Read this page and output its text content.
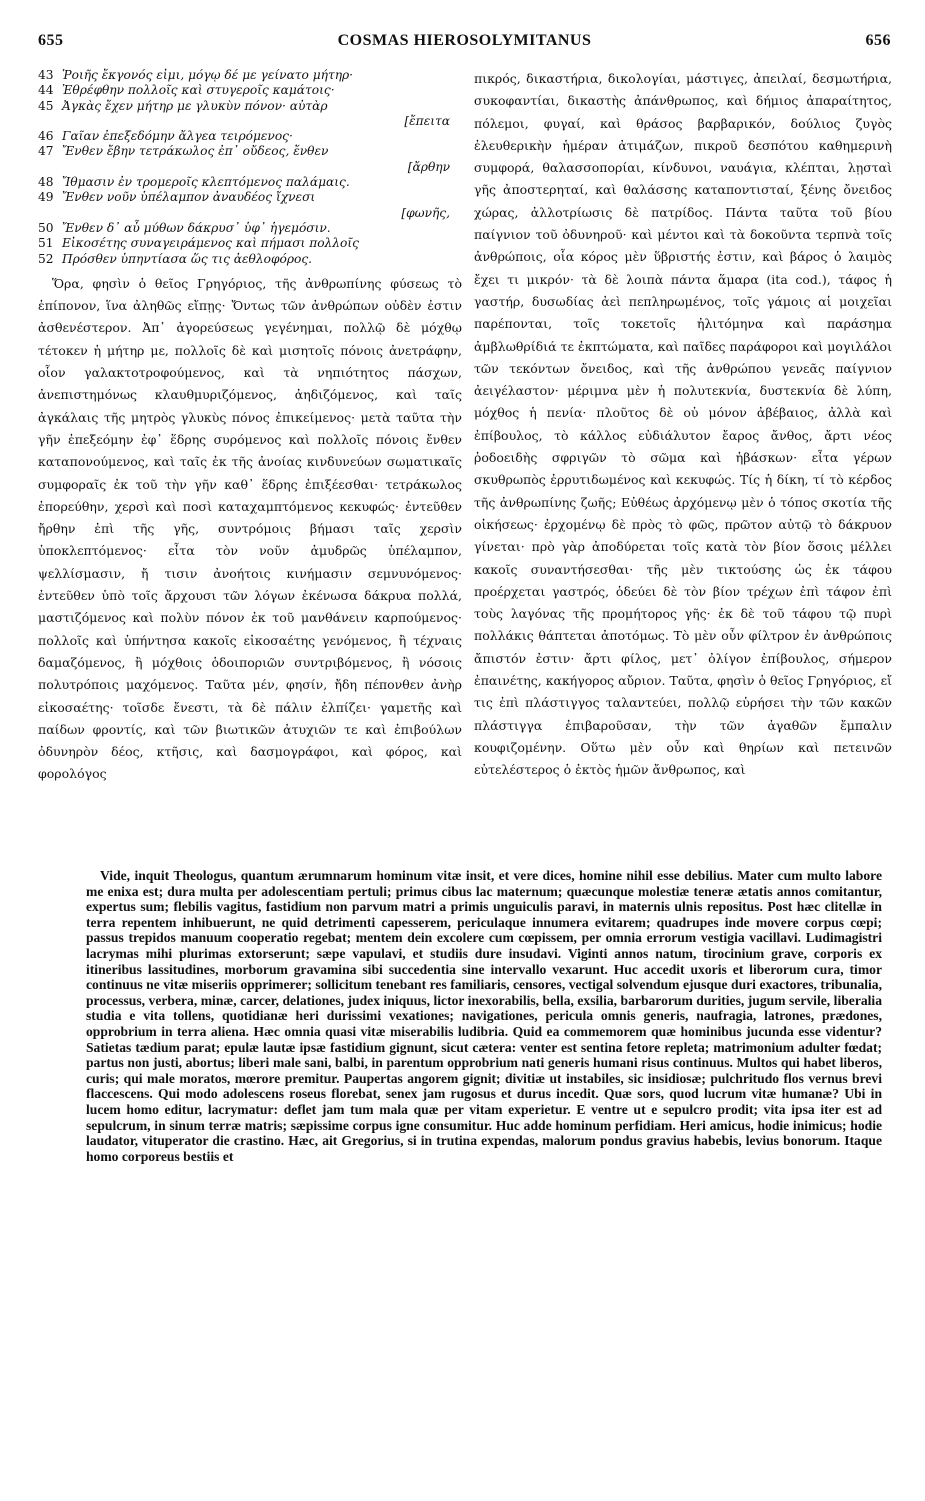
655	COSMAS HIEROSOLYMITANUS	656
43 Ῥοιῆς ἔκγονός εἰμι, μόγῳ δέ με γείνατο μήτηρ·
44 Ἐθρέφθην πολλοῖς καὶ στυγεροῖς καμάτοις·
45 Ἀγκὰς ἔχεν μήτηρ με γλυκὺν πόνον· αὐτὰρ
[ἔπειτα
46 Γαῖαν ἐπεξεδόμην ἄλγεα τειρόμενος·
47 Ἔνθεν ἔβην τετράκωλος ἐπ᾽ οὔδεος, ἔνθεν
[ἄρθην
48 Ἴθμασιν ἐν τρομεροῖς κλεπτόμενος παλάμαις.
49 Ἔνθεν νοῦν ὑπέλαμπον ἀναυδέος ἴχνεσι
[φωνῆς,
50 Ἔνθεν δ᾽ αὖ μύθων δάκρυσ᾽ ὑφ᾽ ἡγεμόσιν.
51 Εἰκοσέτης συναγειράμενος καὶ πήμασι πολλοῖς
52 Πρόσθεν ὑπηντίασα ὥς τις ἀεθλοφόρος.

Ὅρα, φησὶν ὁ θεῖος Γρηγόριος, τῆς ἀνθρωπίνης φύσεως τὸ ἐπίπονον, ἵνα ἀληθῶς εἴπῃς· Ὄντως τῶν ἀνθρώπων οὐδὲν ἐστιν ἀσθενέστερον. Ἀπ᾽ ἀγορεύσεως γεγένημαι, πολλῷ δὲ μόχθῳ τέτοκεν ἡ μήτηρ με, πολλοῖς δὲ καὶ μισητοῖς πόνοις ἀνετράφην, οἷον γαλακτοτροφούμενος, καὶ τὰ νηπιότητος πάσχων, ἀνεπιστημόνως κλαυθμυριζόμενος, ἀηδιζόμενος, καὶ ταῖς ἀγκάλαις τῆς μητρὸς γλυκὺς πόνος ἐπικείμενος· μετὰ ταῦτα τὴν γῆν ἐπεξεόμην ἐφ᾽ ἕδρης συρόμενος καὶ πολλοῖς πόνοις ἔνθεν καταπονούμενος, καὶ ταῖς ἐκ τῆς ἀνοίας κινδυνεύων σωματικαῖς συμφοραῖς ἐκ τοῦ τὴν γῆν καθ᾽ ἕδρης ἐπιξέεσθαι· τετράκωλος ἐπορεύθην, χερσὶ καὶ ποσὶ καταχαμπτόμενος κεκυφώς· ἐντεῦθεν ἤρθην ἐπὶ τῆς γῆς, συντρόμοις βήμασι ταῖς χερσὶν ὑποκλεπτόμενος· εἶτα τὸν νοῦν ἀμυδρῶς ὑπέλαμπον, ψελλίσμασιν, ἤ τισιν ἀνοήτοις κινήμασιν σεμνυνόμενος· ἐντεῦθεν ὑπὸ τοῖς ἄρχουσι τῶν λόγων ἐκένωσα δάκρυα πολλά, μαστιζόμενος καὶ πολὺν πόνον ἐκ τοῦ μανθάνειν καρπούμενος· πολλοῖς καὶ ὑπήντησα κακοῖς εἰκοσαέτης γενόμενος, ἢ τέχναις δαμαζόμενος, ἢ μόχθοις ὁδοιποριῶν συντριβόμενος, ἢ νόσοις πολυτρόποις μαχόμενος. Ταῦτα μέν, φησίν, ἤδη πέπονθεν ἀνὴρ εἰκοσαέτης· τοῖσδε ἔνεστι, τὰ δὲ πάλιν ἐλπίζει· γαμετῆς καὶ παίδων φροντίς, καὶ τῶν βιωτικῶν ἀτυχιῶν τε καὶ ἐπιβούλων ὀδυνηρὸν δέος, κτῆσις, καὶ δασμογράφοι, καὶ φόρος, καὶ φορολόγος

πικρός, δικαστήρια, δικολογίαι, μάστιγες, ἀπειλαί, δεσμωτήρια, συκοφαντίαι, δικαστὴς ἀπάνθρωπος, καὶ δήμιος ἀπαραίτητος, πόλεμοι, φυγαί, καὶ θράσος βαρβαρικόν, δούλιος ζυγὸς ἐλευθερικὴν ἡμέραν ἀτιμάζων, πικροῦ δεσπότου καθημερινὴ συμφορά, θαλασσοπορίαι, κίνδυνοι, ναυάγια, κλέπται, λῃσταὶ γῆς ἀποστερηταί, καὶ θαλάσσης καταποντισταί, ξένης ὄνειδος χώρας, ἀλλοτρίωσις δὲ πατρίδος. Πάντα ταῦτα τοῦ βίου παίγνιον τοῦ ὀδυνηροῦ· καὶ μέντοι καὶ τὰ δοκοῦντα τερπνὰ τοῖς ἀνθρώποις, οἷα κόρος μὲν ὕβριστής ἐστιν, καὶ βάρος ὁ λαιμὸς ἔχει τι μικρόν· τὰ δὲ λοιπὰ πάντα ἅμαρα (ita cod.), τάφος ἡ γαστήρ, δυσωδίας ἀεὶ πεπληρωμένος, τοῖς γάμοις αἱ μοιχεῖαι παρέπονται, τοῖς τοκετοῖς ἠλιτόμηνα καὶ παράσημα ἀμβλωθρίδιά τε ἐκπτώματα, καὶ παῖδες παράφοροι καὶ μογιλάλοι τῶν τεκόντων ὄνειδος, καὶ τῆς ἀνθρώπου γενεᾶς παίγνιον ἀειγέλαστον· μέριμνα μὲν ἡ πολυτεκνία, δυστεκνία δὲ λύπη, μόχθος ἡ πενία· πλοῦτος δὲ οὐ μόνον ἀβέβαιος, ἀλλὰ καὶ ἐπίβουλος, τὸ κάλλος εὐδιάλυτον ἔαρος ἄνθος, ἄρτι νέος ῥοδοειδὴς σφριγῶν τὸ σῶμα καὶ ἡβάσκων· εἶτα γέρων σκυθρωπὸς ἐρρυτιδωμένος καὶ κεκυφώς. Τίς ἡ δίκη, τί τὸ κέρδος τῆς ἀνθρωπίνης ζωῆς; Εὐθέως ἀρχόμενῳ μὲν ὁ τόπος σκοτία τῆς οἰκήσεως· ἐρχομένῳ δὲ πρὸς τὸ φῶς, πρῶτον αὐτῷ τὸ δάκρυον γίνεται· πρὸ γὰρ ἀποδύρεται τοῖς κατὰ τὸν βίον ὅσοις μέλλει κακοῖς συναντήσεσθαι· τῆς μὲν τικτούσης ὡς ἐκ τάφου προέρχεται γαστρός, ὁδεύει δὲ τὸν βίον τρέχων ἐπὶ τάφον ἐπὶ τοὺς λαγόνας τῆς προμήτορος γῆς· ἐκ δὲ τοῦ τάφου τῷ πυρὶ πολλάκις θάπτεται ἀποτόμως. Τὸ μὲν οὖν φίλτρον ἐν ἀνθρώποις ἄπιστόν ἐστιν· ἄρτι φίλος, μετ᾽ ὀλίγον ἐπίβουλος, σήμερον ἐπαινέτης, κακήγορος αὔριον. Ταῦτα, φησὶν ὁ θεῖος Γρηγόριος, εἴ τις ἐπὶ πλάστιγγος ταλαντεύει, πολλῷ εὑρήσει τὴν τῶν κακῶν πλάστιγγα ἐπιβαροῦσαν, τὴν τῶν ἀγαθῶν ἔμπαλιν κουφιζομένην. Οὕτω μὲν οὖν καὶ θηρίων καὶ πετεινῶν εὐτελέστερος ὁ ἐκτὸς ἡμῶν ἄνθρωπος, καὶ

Vide, inquit Theologus, quantum ærumnarum hominum vitæ insit, et vere dices, homine nihil esse debilius. Mater cum multo labore me enixa est; dura multa per adolescentiam pertuli; primus cibus lac maternum; quæcunque molestiæ teneræ ætatis annos comitantur, expertus sum; flebilis vagitus, fastidium non parvum matri a primis unguiculis paravi, in maternis ulnis repositus. Post hæc clitellæ in terra repentem inhibuerunt, ne quid detrimenti capesserem, periculaque innumera evitarem; quadrupes inde movere corpus cœpi; passus trepidos manuum cooperatio regebat; mentem dein excolere cum cœpissem, per omnia errorum vestigia vacillavi. Ludimagistri lacrymas mihi plurimas extorserunt; sæpe vapulavi, et studiis dure insudavi. Viginti annos natum, tirocinium grave, corporis ex itineribus lassitudines, morborum gravamina sibi succedentia sine intervallo vexarunt. Huc accedit uxoris et liberorum cura, timor continuus ne vitæ miseriis opprimerer; sollicitum tenebant res familiaris, censores, vectigal solvendum ejusque duri exactores, tribunalia, processus, verbera, minæ, carcer, delationes, judex iniquus, lictor inexorabilis, bella, exsilia, barbarorum durities, jugum servile, liberalia studia e vita tollens, quotidianæ heri durissimi vexationes; navigationes, pericula omnis generis, naufragia, latrones, prædones, opprobrium in terra aliena. Hæc omnia quasi vitæ miserabilis ludibria. Quid ea commemorem quæ hominibus jucunda esse videntur? Satietas tædium parat; epulæ lautæ ipsæ fastidium gignunt, sicut cætera: venter est sentina fetore repleta; matrimonium adulter fœdat; partus non justi, abortus; liberi male sani, balbi, in parentum opprobrium nati generis humani risus continuus. Multos qui habet liberos, curis; qui male moratos, mœrore premitur. Paupertas angorem gignit; divitiæ ut instabiles, sic insidiosæ; pulchritudo flos vernus brevi flaccescens. Qui modo adolescens roseus florebat, senex jam rugosus et durus incedit. Quæ sors, quod lucrum vitæ humanæ? Ubi in lucem homo editur, lacrymatur: deflet jam tum mala quæ per vitam experietur. E ventre ut e sepulcro prodit; vita ipsa iter est ad sepulcrum, in sinum terræ matris; sæpissime corpus igne consumitur. Huc adde hominum perfidiam. Heri amicus, hodie inimicus; hodie laudator, vituperator die crastino. Hæc, ait Gregorius, si in trutina expendas, malorum pondus gravius habebis, levius bonorum. Itaque homo corporeus bestiis et
